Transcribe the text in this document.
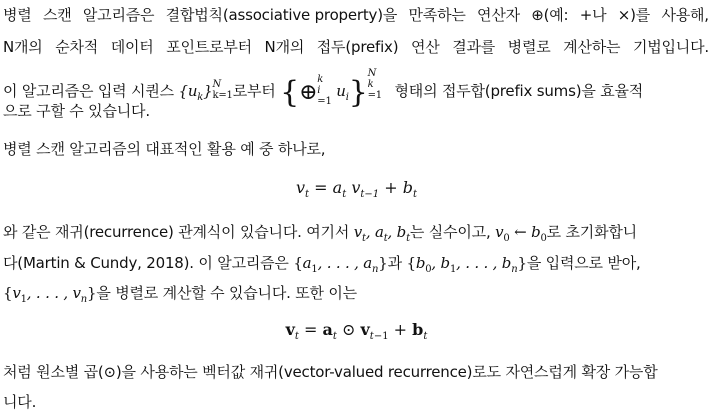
병렬 스캔 알고리즘은 결합법칙(associative property)을 만족하는 연산자 ⊕(예: +나 ×)를 사용해,
N개의 순차적 데이터 포인트로부터 N개의 접두(prefix) 연산 결과를 병렬로 계산하는 기법입니다.
이 알고리즘은 입력 시퀀스 $\{u_k\}$ N
k=1 로부터 {⊕
k
i
=1
$u_i$}
N
k
=1 형태의 접두합(prefix sums)을 효율적
으로 구할 수 있습니다.
병렬 스캔 알고리즘의 대표적인 활용 예 중 하나로,
$v_t = a_t$ $v_{t-1} + b_t$
와 같은 재귀(recurrence) 관계식이 있습니다. 여기서 $v_t$, $a_t$, $b_t$는 실수이고, $v_0$ ← $b_0$로 초기화합니
다(Martin & Cundy, 2018). 이 알고리즘은 {$a_1$, . . . , $a_n$}과 {$b_0$, $b_1$, . . . , $b_n$}을 입력으로 받아,
{$v_1$, . . . , $v_n$}을 병렬로 계산할 수 있습니다. 또한 이는
$v_t = a_t$ ⊙ $v_{t-1} + b_t$
처럼 원소별 곱(⊙)을 사용하는 벡터값 재귀(vector-valued recurrence)로도 자연스럽게 확장 가능합
니다.
